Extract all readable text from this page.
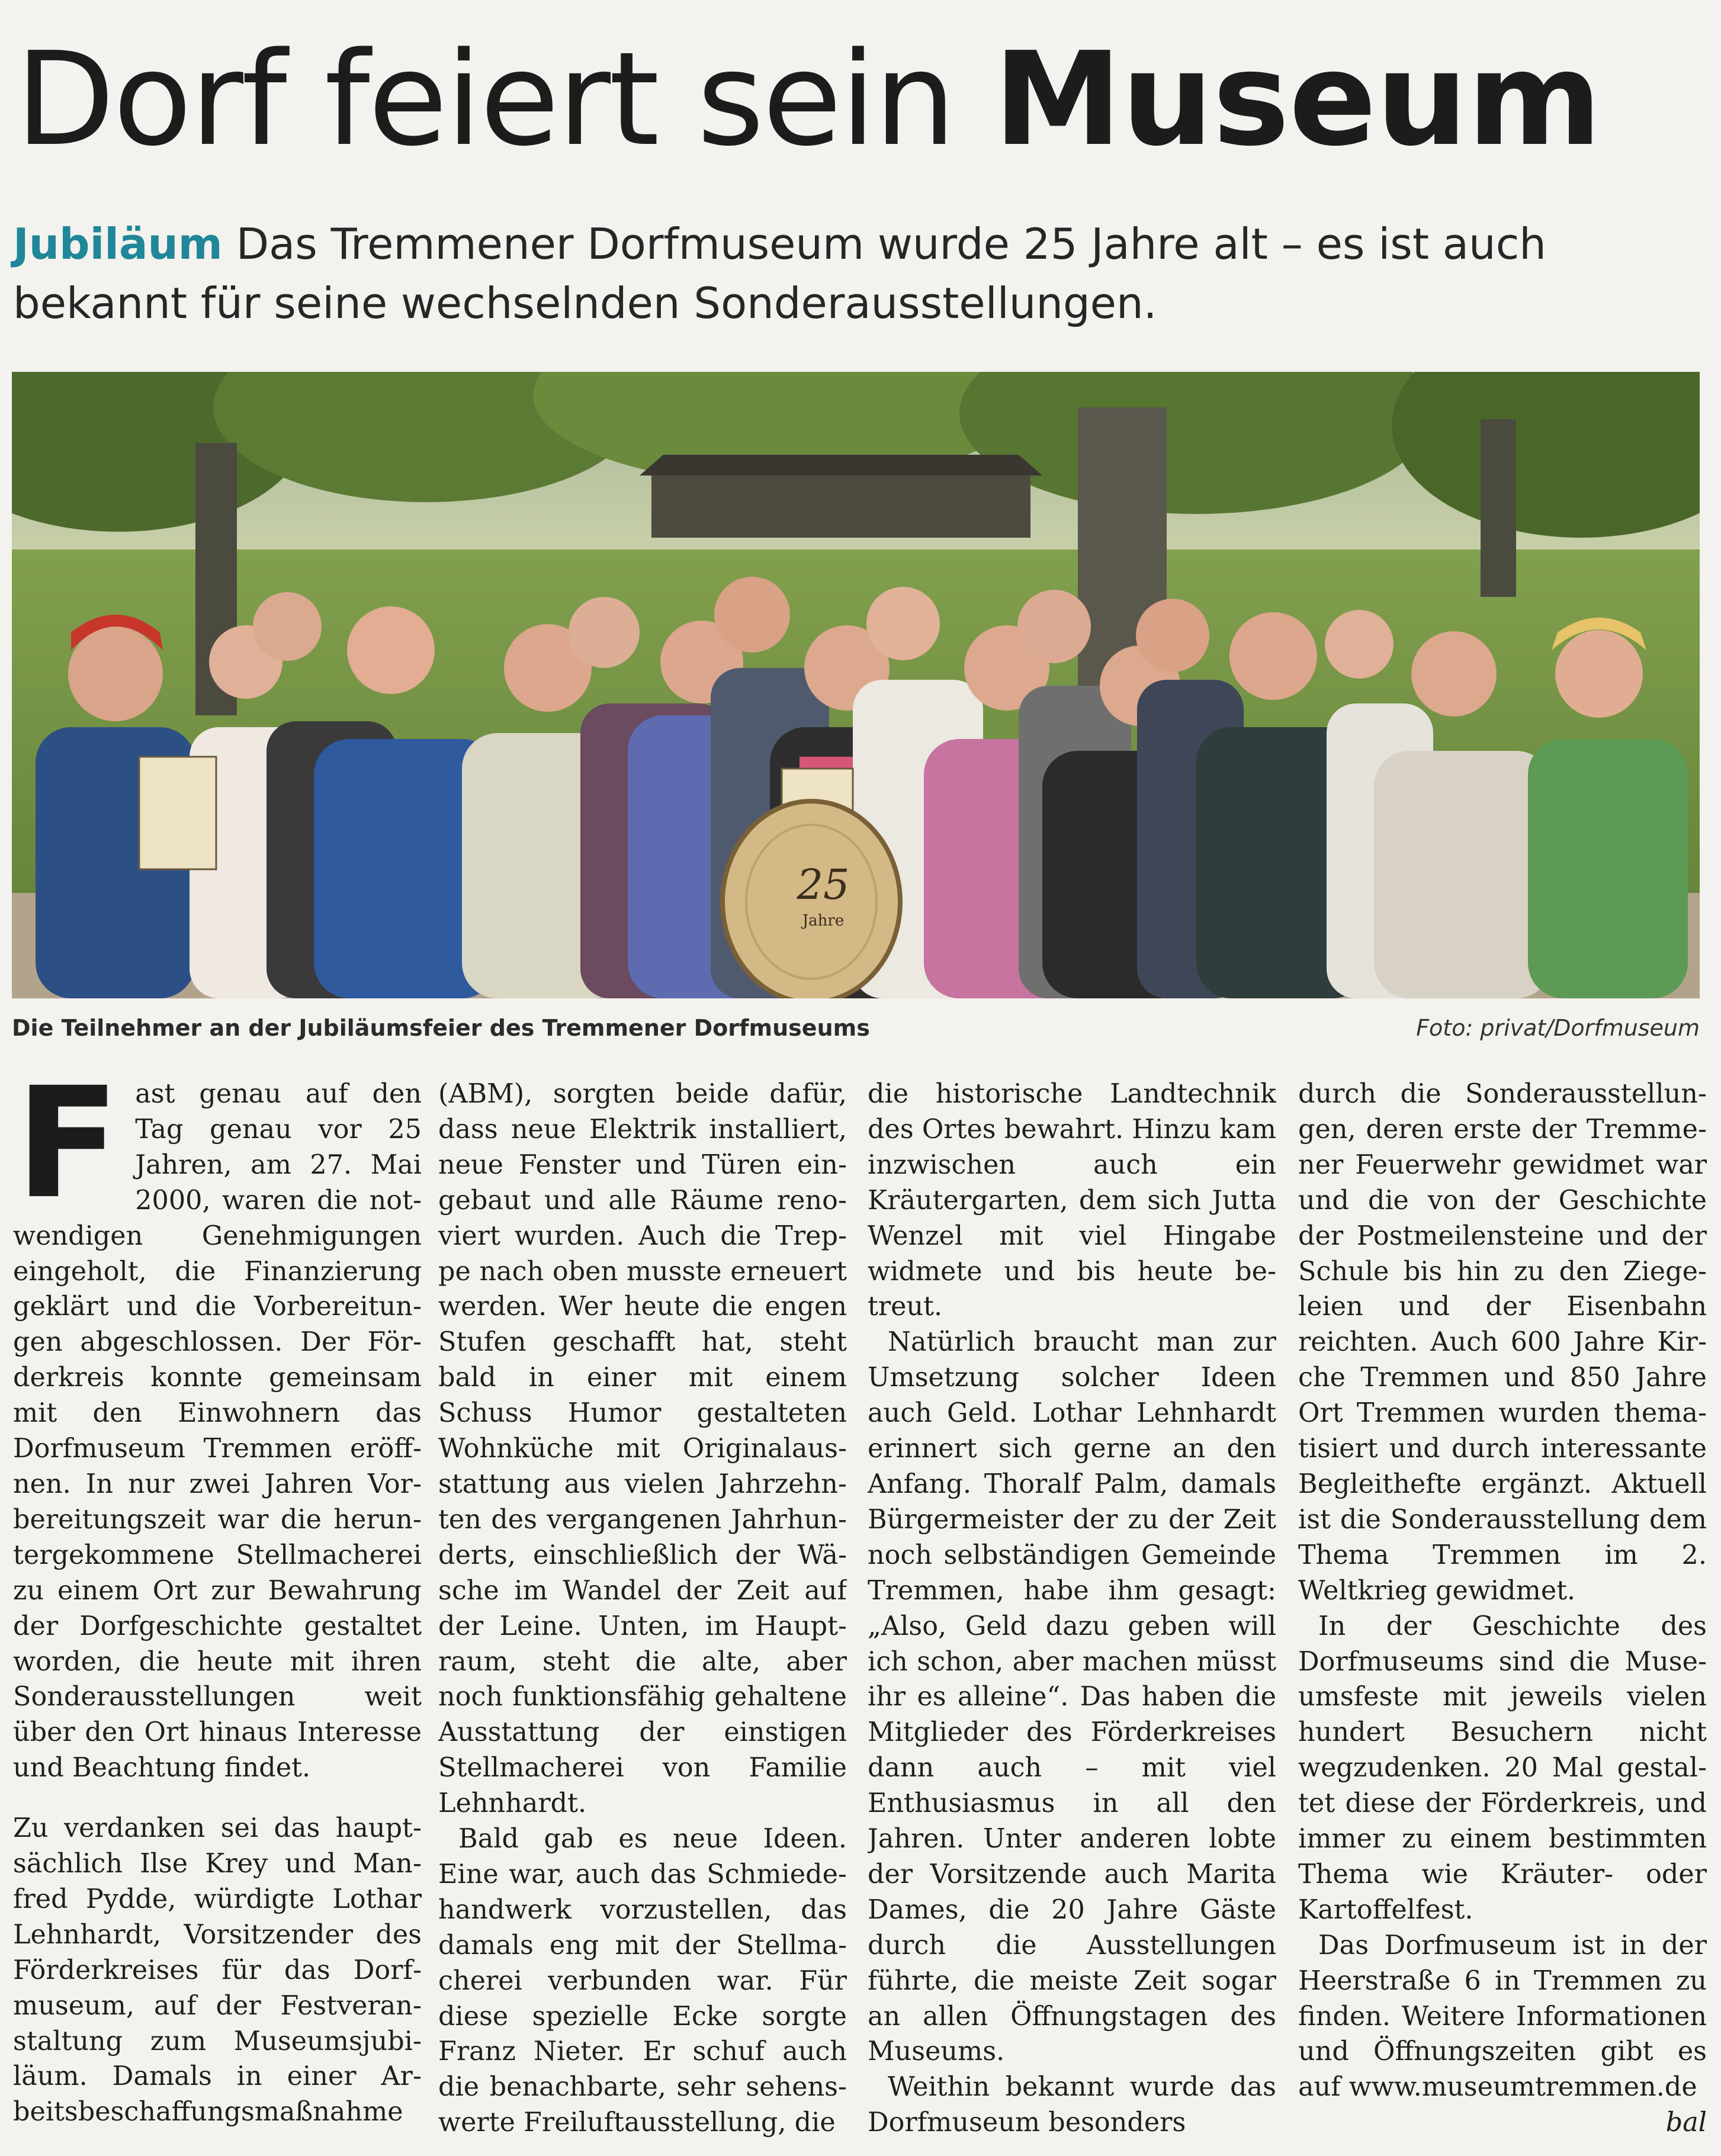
Dorf feiert sein Museum

Jubiläum Das Tremmener Dorfmuseum wurde 25 Jahre alt – es ist auch bekannt für seine wechselnden Sonderausstellungen.

25
Jahre
Die Teilnehmer an der Jubiläumsfeier des Tremmener Dorfmuseums	Foto: privat/Dorfmuseum

Fast genau auf den Tag genau vor 25 Jahren, am 27. Mai 2000, waren die notwendigen Genehmigungen eingeholt, die Finanzierung geklärt und die Vorbereitungen abgeschlossen. Der Förderkreis konnte gemeinsam mit den Einwohnern das Dorfmuseum Tremmen eröffnen. In nur zwei Jahren Vorbereitungszeit war die heruntergekommene Stellmacherei zu einem Ort zur Bewahrung der Dorfgeschichte gestaltet worden, die heute mit ihren Sonderausstellungen weit über den Ort hinaus Interesse und Beachtung findet.

Zu verdanken sei das hauptsächlich Ilse Krey und Manfred Pydde, würdigte Lothar Lehnhardt, Vorsitzender des Förderkreises für das Dorfmuseum, auf der Festveranstaltung zum Museumsjubiläum. Damals in einer Arbeitsbeschaffungsmaßnahme

(ABM), sorgten beide dafür, dass neue Elektrik installiert, neue Fenster und Türen eingebaut und alle Räume renoviert wurden. Auch die Treppe nach oben musste erneuert werden. Wer heute die engen Stufen geschafft hat, steht bald in einer mit einem Schuss Humor gestalteten Wohnküche mit Originalausstattung aus vielen Jahrzehnten des vergangenen Jahrhunderts, einschließlich der Wäsche im Wandel der Zeit auf der Leine. Unten, im Hauptraum, steht die alte, aber noch funktionsfähig gehaltene Ausstattung der einstigen Stellmacherei von Familie Lehnhardt.

Bald gab es neue Ideen. Eine war, auch das Schmiedehandwerk vorzustellen, das damals eng mit der Stellmacherei verbunden war. Für diese spezielle Ecke sorgte Franz Nieter. Er schuf auch die benachbarte, sehr sehenswerte Freiluftausstellung, die

die historische Landtechnik des Ortes bewahrt. Hinzu kam inzwischen auch ein Kräutergarten, dem sich Jutta Wenzel mit viel Hingabe widmete und bis heute betreut.

Natürlich braucht man zur Umsetzung solcher Ideen auch Geld. Lothar Lehnhardt erinnert sich gerne an den Anfang. Thoralf Palm, damals Bürgermeister der zu der Zeit noch selbständigen Gemeinde Tremmen, habe ihm gesagt: „Also, Geld dazu geben will ich schon, aber machen müsst ihr es alleine“. Das haben die Mitglieder des Förderkreises dann auch – mit viel Enthusiasmus in all den Jahren. Unter anderen lobte der Vorsitzende auch Marita Dames, die 20 Jahre Gäste durch die Ausstellungen führte, die meiste Zeit sogar an allen Öffnungstagen des Museums.

Weithin bekannt wurde das Dorfmuseum besonders

durch die Sonderausstellungen, deren erste der Tremmener Feuerwehr gewidmet war und die von der Geschichte der Postmeilensteine und der Schule bis hin zu den Ziegeleien und der Eisenbahn reichten. Auch 600 Jahre Kirche Tremmen und 850 Jahre Ort Tremmen wurden thematisiert und durch interessante Begleithefte ergänzt. Aktuell ist die Sonderausstellung dem Thema Tremmen im 2. Weltkrieg gewidmet.

In der Geschichte des Dorfmuseums sind die Museumsfeste mit jeweils vielen hundert Besuchern nicht wegzudenken. 20 Mal gestaltet diese der Förderkreis, und immer zu einem bestimmten Thema wie Kräuter- oder Kartoffelfest.

Das Dorfmuseum ist in der Heerstraße 6 in Tremmen zu finden. Weitere Informationen und Öffnungszeiten gibt es auf www.museumtremmen.de
bal
